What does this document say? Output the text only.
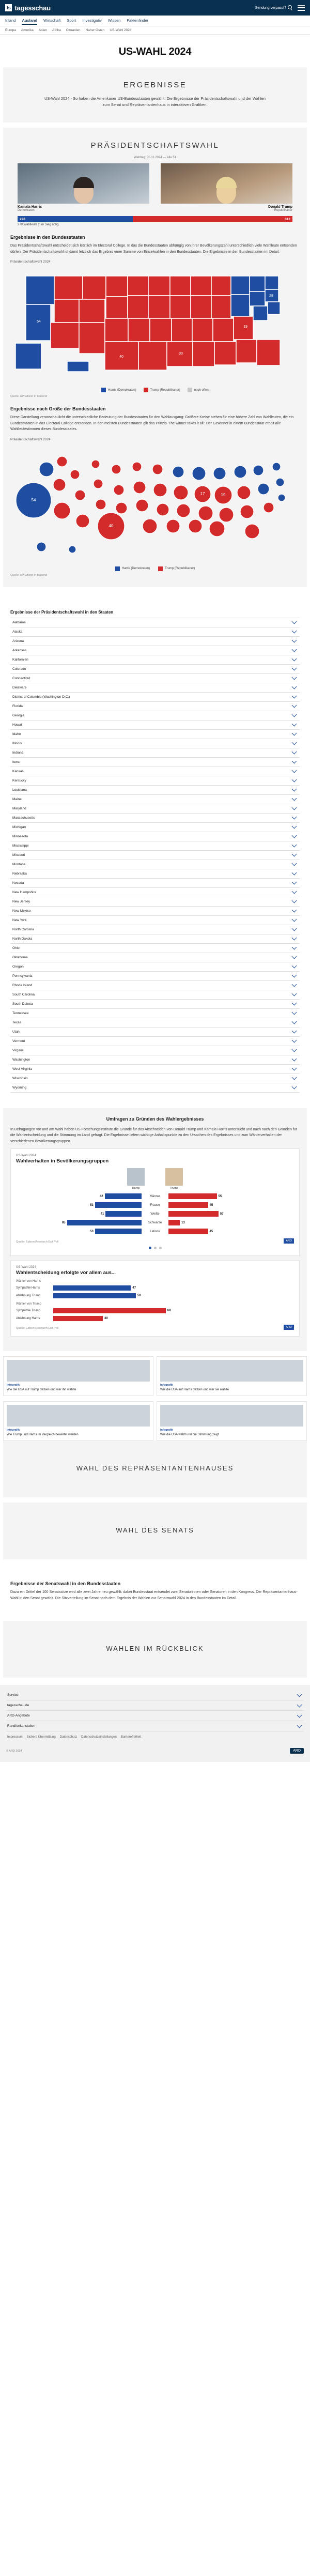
ts tagesschau	Sendung verpasst?
Inland Ausland Wirtschaft Sport Investigativ Wissen Faktenfinder
Europa Amerika Asien Afrika Ozeanien Naher Osten US-Wahl 2024
US-WAHL 2024
ERGEBNISSE
US-Wahl 2024 - So haben die Amerikaner US-Bundesstaaten gewählt: Die Ergebnisse der Präsidentschaftswahl und der Wahlen zum Senat und Repräsentantenhaus in interaktiven Grafiken.
PRÄSIDENTSCHAFTSWAHL
Wahltag: 05.11.2024 — Alle 51
Kamala Harris
Demokraten
Donald Trump
Republikaner
226	312
270 Wahlleute zum Sieg nötig
Ergebnisse in den Bundesstaaten
Das Präsidentschaftswahl entscheidet sich letztlich im Electoral College. In das die Bundesstaaten abhängig von ihrer Bevölkerungszahl unterschiedlich viele Wahlleute entsenden dürfen. Der Präsidentschaftswahl ist damit letztlich das Ergebnis einer Summe von Einzelwahlen in den Bundesstaaten. Die Ergebnisse in den Bundesstaaten im Detail.
Präsidentschaftswahl 2024
54
40
30
19
28
Harris (Demokraten)	Trump (Republikaner)	noch offen
Quelle: AP/Edison in tausend
Ergebnisse nach Größe der Bundesstaaten
Diese Darstellung veranschaulicht die unterschiedliche Bedeutung der Bundesstaaten für den Wahlausgang: Größere Kreise stehen für eine höhere Zahl von Wahlleuten, die ein Bundesstaaten in das Electoral College entsenden. In den meisten Bundesstaaten gilt das Prinzip 'The winner takes it all': Der Gewinner in einem Bundesstaat erhält alle Wahlleutestimmen dieses Bundesstaates.
Präsidentschaftswahl 2024
54
40
19
17
Harris (Demokraten)	Trump (Republikaner)
Quelle: AP/Edison in tausend
Ergebnisse der Präsidentschaftswahl in den Staaten
Alabama
Alaska
Arizona
Arkansas
Kalifornien
Colorado
Connecticut
Delaware
District of Columbia (Washington D.C.)
Florida
Georgia
Hawaii
Idaho
Illinois
Indiana
Iowa
Kansas
Kentucky
Louisiana
Maine
Maryland
Massachusetts
Michigan
Minnesota
Mississippi
Missouri
Montana
Nebraska
Nevada
New Hampshire
New Jersey
New Mexico
New York
North Carolina
North Dakota
Ohio
Oklahoma
Oregon
Pennsylvania
Rhode Island
South Carolina
South Dakota
Tennessee
Texas
Utah
Vermont
Virginia
Washington
West Virginia
Wisconsin
Wyoming
Umfragen zu Gründen des Wahlergebnisses
In Befragungen vor und am Wahl haben US-Forschungsinstitute die Gründe für das Abschneiden von Donald Trump und Kamala Harris untersucht und nach nach den Gründen für die Wahlentscheidung und die Stimmung im Land gefragt. Die Ergebnisse liefern wichtige Anhaltspunkte zu den Ursachen des Ergebnisses und zum Wählerverhalten der verschiedenen Bevölkerungsgruppen.
US-Wahl 2024
Wahlverhalten in Bevölkerungsgruppen
Harris	Trump
42	Männer	55
53	Frauen	45
41	Weiße	57
85	Schwarze	13
53	Latinos	45
Quelle: Edison Research Exit Poll	ARD
US-Wahl 2024
Wahlentscheidung erfolgte vor allem aus...
Wähler von Harris
Sympathie Harris	47
Ablehnung Trump	50
Wähler von Trump
Sympathie Trump	68
Ablehnung Harris	30
Quelle: Edison Research Exit Poll	ARD
Infografik
Wie die USA auf Trump blicken und wer ihn wählte
Infografik
Wie die USA auf Harris blicken und wer sie wählte
Infografik
Wie Trump und Harris im Vergleich bewertet werden
Infografik
Wie die USA wählt und die Stimmung zeigt
WAHL DES REPRÄSENTANTENHAUSES
WAHL DES SENATS
Ergebnisse der Senatswahl in den Bundesstaaten
Dazu ein Drittel der 100 Senatssitze wird alle zwei Jahre neu gewählt: dabei Bundesstaat entsendet zwei Senatorinnen oder Senatoren in den Kongress. Der Repräsentantenhaus-Wahl in den Senat gewählt. Die Sitzverteilung im Senat nach dem Ergebnis der Wahlen zur Senatswahl 2024 in den Bundesstaaten im Detail.
WAHLEN IM RÜCKBLICK
Service
tagesschau.de
ARD-Angebote
Rundfunkanstalten
Impressum Sichere Übermittlung Datenschutz Datenschutzeinstellungen Barrierefreiheit
© ARD 2024	ARD
